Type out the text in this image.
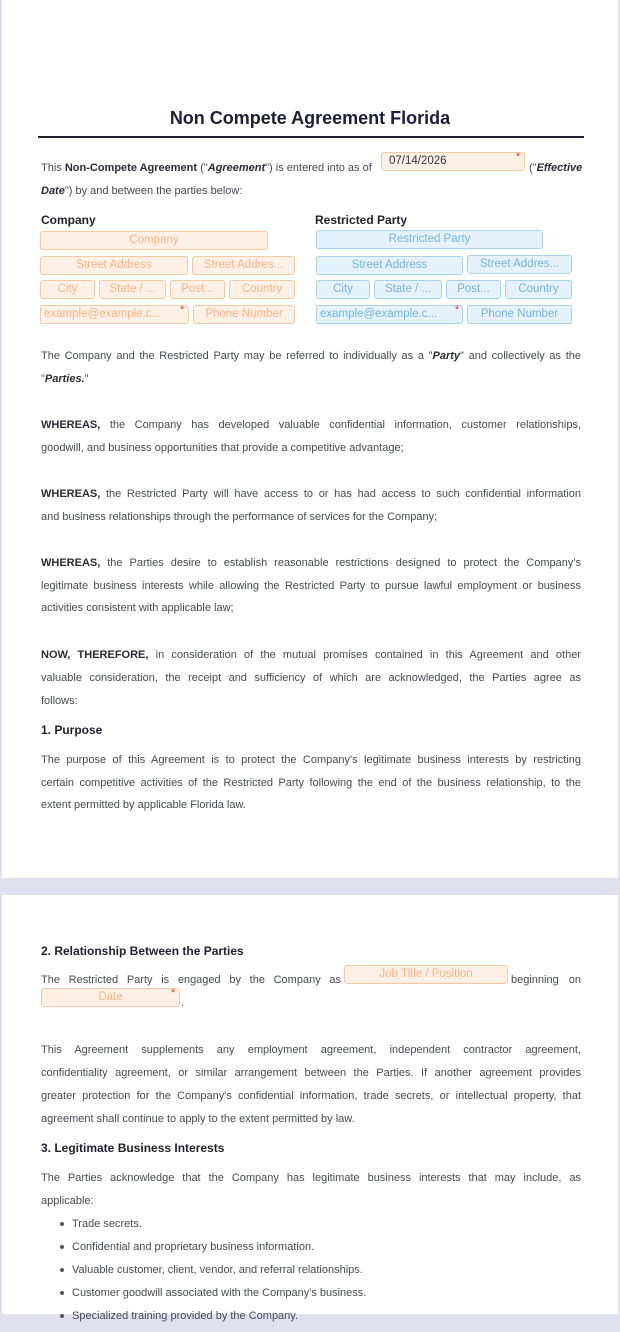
Non Compete Agreement Florida
This Non-Compete Agreement ("Agreement") is entered into as of
07/14/2026	*
("Effective
Date") by and between the parties below:
Company
Company
Street Address	Street Addres...
City	State / ...	Post...	Country
example@example.c...	*	Phone Number
Restricted Party
Restricted Party
Street Address	Street Addres...
City	State / ...	Post...	Country
example@example.c...	*	Phone Number
The Company and the Restricted Party may be referred to individually as a "Party" and collectively as the
"Parties."
WHEREAS, the Company has developed valuable confidential information, customer relationships,
goodwill, and business opportunities that provide a competitive advantage;
WHEREAS, the Restricted Party will have access to or has had access to such confidential information
and business relationships through the performance of services for the Company;
WHEREAS, the Parties desire to establish reasonable restrictions designed to protect the Company's
legitimate business interests while allowing the Restricted Party to pursue lawful employment or business
activities consistent with applicable law;
NOW, THEREFORE, in consideration of the mutual promises contained in this Agreement and other
valuable consideration, the receipt and sufficiency of which are acknowledged, the Parties agree as
follows:
1. Purpose
The purpose of this Agreement is to protect the Company's legitimate business interests by restricting
certain competitive activities of the Restricted Party following the end of the business relationship, to the
extent permitted by applicable Florida law.
2. Relationship Between the Parties
The Restricted Party is engaged by the Company as	Job Title / Position	beginning on
Date	*
.
This Agreement supplements any employment agreement, independent contractor agreement,
confidentiality agreement, or similar arrangement between the Parties. If another agreement provides
greater protection for the Company's confidential information, trade secrets, or intellectual property, that
agreement shall continue to apply to the extent permitted by law.
3. Legitimate Business Interests
The Parties acknowledge that the Company has legitimate business interests that may include, as
applicable:
Trade secrets.
Confidential and proprietary business information.
Valuable customer, client, vendor, and referral relationships.
Customer goodwill associated with the Company's business.
Specialized training provided by the Company.
